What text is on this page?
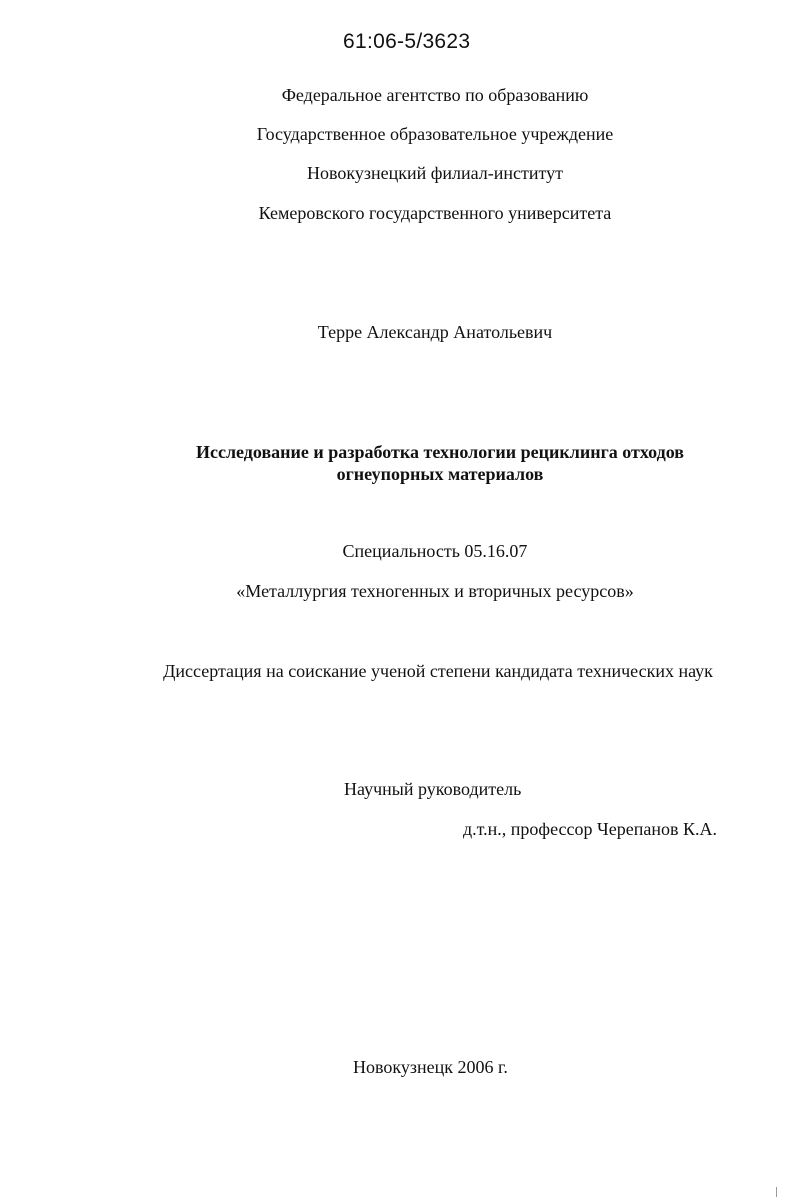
61:06-5/3623
Федеральное агентство по образованию
Государственное образовательное учреждение
Новокузнецкий филиал-институт
Кемеровского государственного университета
Терре Александр Анатольевич
Исследование и разработка технологии рециклинга отходов
огнеупорных материалов
Специальность 05.16.07
«Металлургия техногенных и вторичных ресурсов»
Диссертация на соискание ученой степени кандидата технических наук
Научный руководитель
д.т.н., профессор Черепанов К.А.
Новокузнецк 2006 г.
